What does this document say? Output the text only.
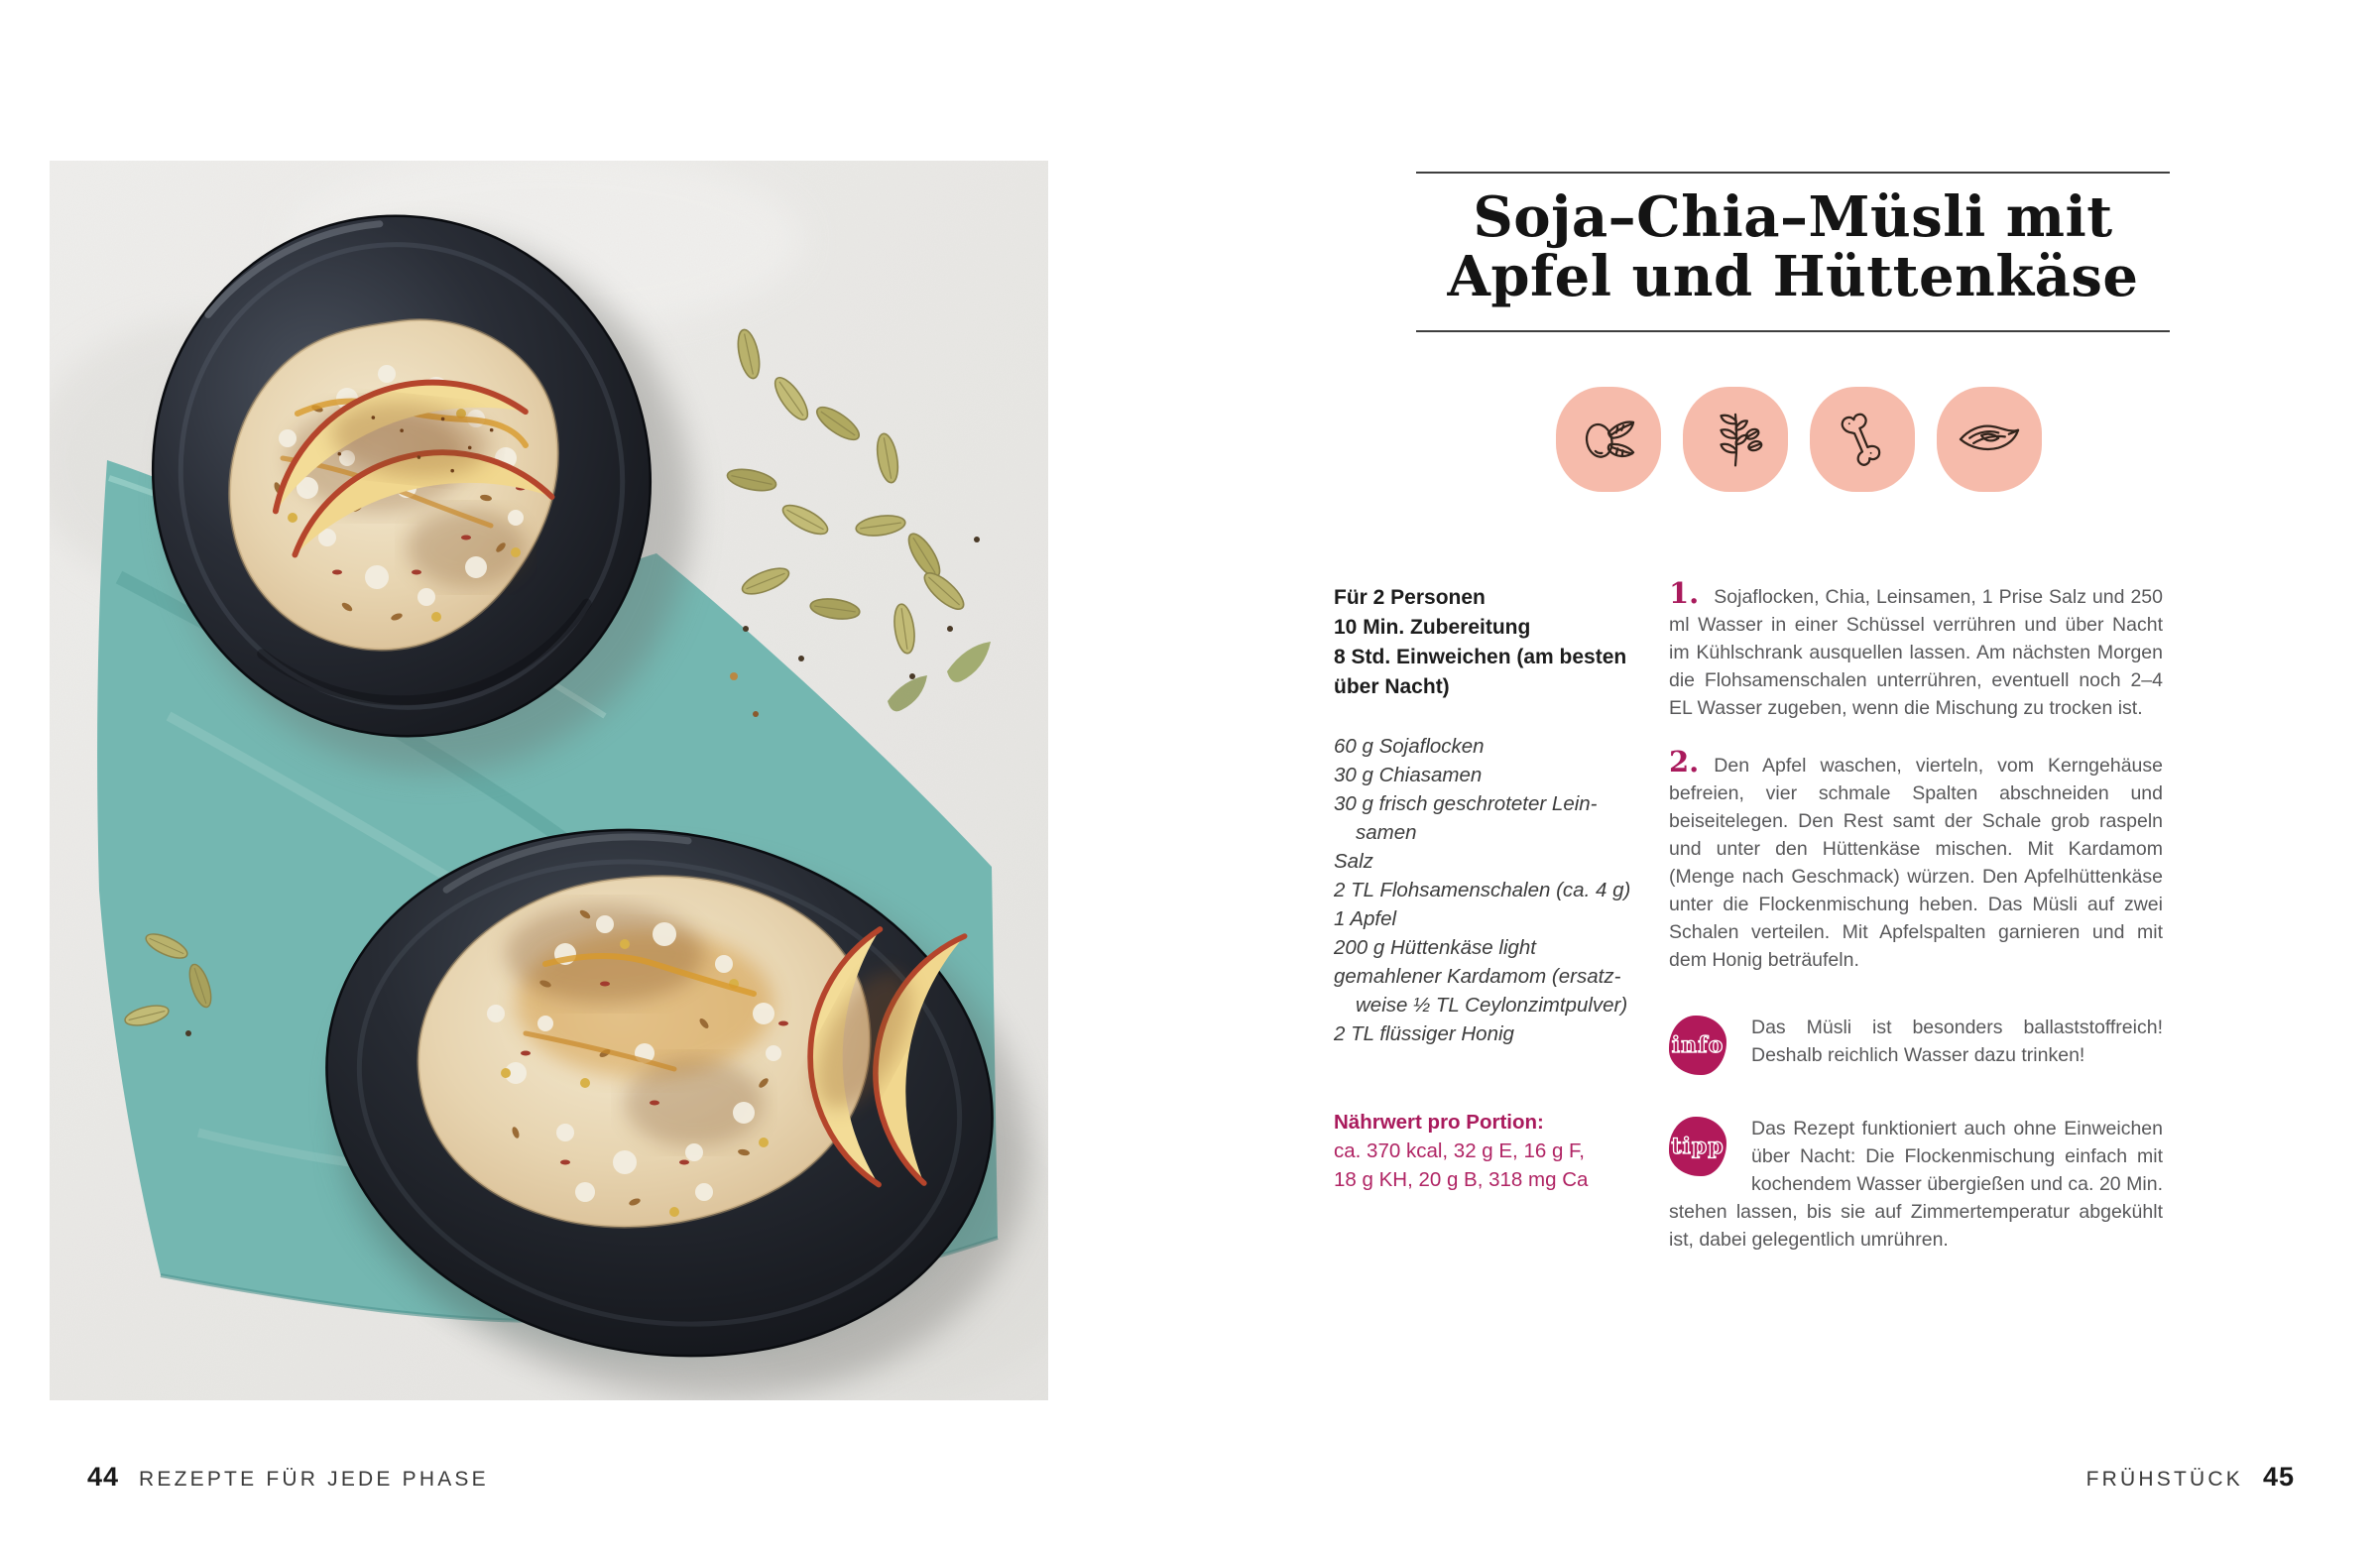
44 REZEPTE FÜR JEDE PHASE
Soja–Chia–Müsli mit
Apfel und Hüttenkäse
Für 2 Personen
10 Min. Zubereitung
8 Std. Einweichen (am besten
über Nacht)
60 g Sojaflocken
30 g Chiasamen
30 g frisch geschroteter Lein-
samen
Salz
2 TL Flohsamenschalen (ca. 4 g)
1 Apfel
200 g Hüttenkäse light
gemahlener Kardamom (ersatz-
weise ½ TL Ceylonzimtpulver)
2 TL flüssiger Honig
Nährwert pro Portion:
ca. 370 kcal, 32 g E, 16 g F,
18 g KH, 20 g B, 318 mg Ca

1. Sojaflocken, Chia, Leinsamen, 1 Prise Salz und 250 ml Wasser in einer Schüssel verrühren und über Nacht im Kühlschrank ausquellen lassen. Am nächsten Morgen die Flohsamenschalen unterrühren, eventuell noch 2–4 EL Wasser zugeben, wenn die Mischung zu trocken ist.

2. Den Apfel waschen, vierteln, vom Kerngehäuse befreien, vier schmale Spalten abschneiden und beiseitelegen. Den Rest samt der Schale grob raspeln und unter den Hüttenkäse mischen. Mit Kardamom (Menge nach Geschmack) würzen. Den Apfelhüttenkäse unter die Flockenmischung heben. Das Müsli auf zwei Schalen verteilen. Mit Apfelspalten garnieren und mit dem Honig beträufeln.

info
Das Müsli ist besonders ballaststoffreich! Deshalb reichlich Wasser dazu trinken!
tipp
Das Rezept funktioniert auch ohne Einweichen über Nacht: Die Flockenmischung einfach mit kochendem Wasser übergießen und ca. 20 Min. stehen lassen, bis sie auf Zimmertemperatur abgekühlt ist, dabei gelegentlich umrühren.
FRÜHSTÜCK 45
